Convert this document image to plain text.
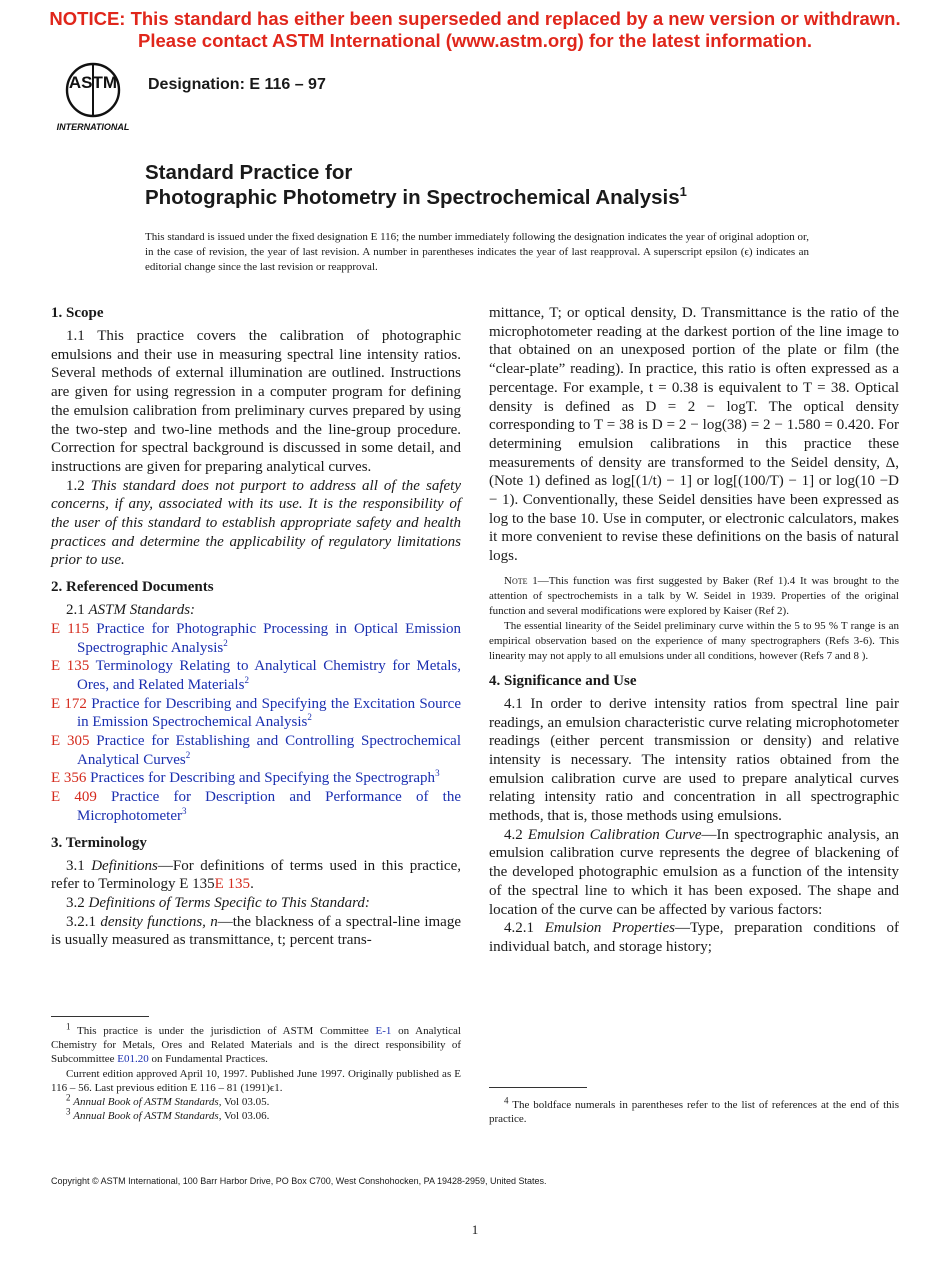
NOTICE: This standard has either been superseded and replaced by a new version or withdrawn.
Please contact ASTM International (www.astm.org) for the latest information.
ASTM
INTERNATIONAL
Designation: E 116 – 97
Standard Practice for
Photographic Photometry in Spectrochemical Analysis$^1$
This standard is issued under the fixed designation E 116; the number immediately following the designation indicates the year of original adoption or, in the case of revision, the year of last revision. A number in parentheses indicates the year of last reapproval. A superscript epsilon (ϵ) indicates an editorial change since the last revision or reapproval.
1. Scope

1.1 This practice covers the calibration of photographic emulsions and their use in measuring spectral line intensity ratios. Several methods of external illumination are outlined. Instructions are given for using regression in a computer program for defining the emulsion calibration from preliminary curves prepared by using the two-step and two-line methods and the line-group procedure. Correction for spectral background is discussed in some detail, and instructions are given for preparing analytical curves.

1.2 This standard does not purport to address all of the safety concerns, if any, associated with its use. It is the responsibility of the user of this standard to establish appropriate safety and health practices and determine the applicability of regulatory limitations prior to use.

2. Referenced Documents

2.1 ASTM Standards:

E 115 Practice for Photographic Processing in Optical Emission Spectrographic Analysis$^2$

E 135 Terminology Relating to Analytical Chemistry for Metals, Ores, and Related Materials$^2$

E 172 Practice for Describing and Specifying the Excitation Source in Emission Spectrochemical Analysis$^2$

E 305 Practice for Establishing and Controlling Spectrochemical Analytical Curves$^2$

E 356 Practices for Describing and Specifying the Spectrograph$^3$

E 409 Practice for Description and Performance of the Microphotometer$^3$

3. Terminology

3.1 Definitions—For definitions of terms used in this practice, refer to Terminology E 135E 135.

3.2 Definitions of Terms Specific to This Standard:

3.2.1 density functions, n—the blackness of a spectral-line image is usually measured as transmittance, t; percent trans-

$^1$ This practice is under the jurisdiction of ASTM Committee E-1 on Analytical Chemistry for Metals, Ores and Related Materials and is the direct responsibility of Subcommittee E01.20 on Fundamental Practices.

Current edition approved April 10, 1997. Published June 1997. Originally published as E 116 – 56. Last previous edition E 116 – 81 (1991)ϵ1.

$^2$ Annual Book of ASTM Standards, Vol 03.05.

$^3$ Annual Book of ASTM Standards, Vol 03.06.

mittance, T; or optical density, D. Transmittance is the ratio of the microphotometer reading at the darkest portion of the line image to that obtained on an unexposed portion of the plate or film (the “clear-plate” reading). In practice, this ratio is often expressed as a percentage. For example, t = 0.38 is equivalent to T = 38. Optical density is defined as D = 2 − logT. The optical density corresponding to T = 38 is D = 2 − log(38) = 2 − 1.580 = 0.420. For determining emulsion calibrations in this practice these measurements of density are transformed to the Seidel density, Δ, (Note 1) defined as log[(1/t) − 1] or log[(100/T) − 1] or log(10 −D − 1). Conventionally, these Seidel densities have been expressed as log to the base 10. Use in computer, or electronic calculators, makes it more convenient to revise these definitions on the basis of natural logs.

Note 1—This function was first suggested by Baker (Ref 1).4 It was brought to the attention of spectrochemists in a talk by W. Seidel in 1939. Properties of the original function and several modifications were explored by Kaiser (Ref 2).

The essential linearity of the Seidel preliminary curve within the 5 to 95 % T range is an empirical observation based on the experience of many spectrographers (Refs 3-6). This linearity may not apply to all emulsions under all conditions, however (Refs 7 and 8 ).

4. Significance and Use

4.1 In order to derive intensity ratios from spectral line pair readings, an emulsion characteristic curve relating microphotometer readings (either percent transmission or density) and relative intensity is necessary. The intensity ratios obtained from the emulsion calibration curve are used to prepare analytical curves relating intensity ratio and concentration in all spectrographic methods, that is, those methods using emulsions.

4.2 Emulsion Calibration Curve—In spectrographic analysis, an emulsion calibration curve represents the degree of blackening of the developed photographic emulsion as a function of the intensity of the spectral line to which it has been exposed. The shape and location of the curve can be affected by various factors:

4.2.1 Emulsion Properties—Type, preparation conditions of individual batch, and storage history;

$^4$ The boldface numerals in parentheses refer to the list of references at the end of this practice.

Copyright © ASTM International, 100 Barr Harbor Drive, PO Box C700, West Conshohocken, PA 19428-2959, United States.
1
